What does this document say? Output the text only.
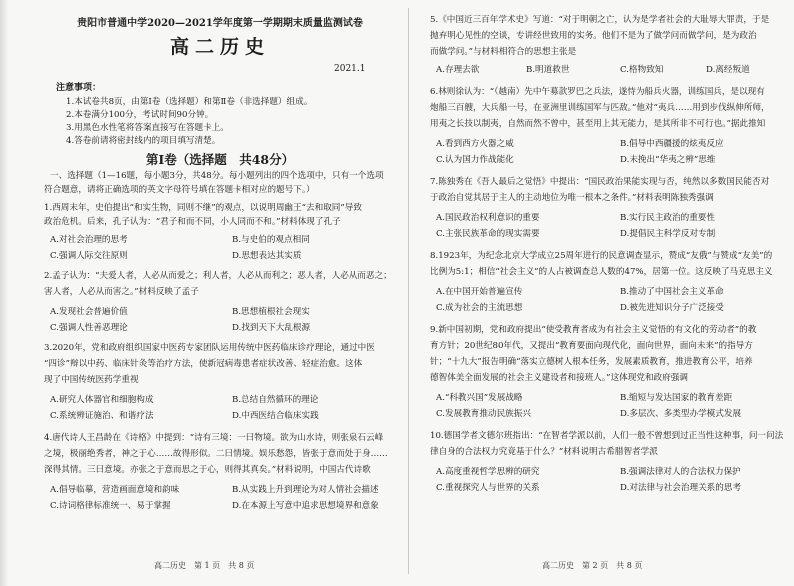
贵阳市普通中学2020—2021学年度第一学期期末质量监测试卷
高二历史
2021.1
注意事项：
1.本试卷共8页，由第Ⅰ卷（选择题）和第Ⅱ卷（非选择题）组成。
2.本卷满分100分，考试时间90分钟。
3.用黑色水性笔将答案直接写在答题卡上。
4.答卷前请将密封线内的项目填写清楚。
第Ⅰ卷（选择题　共48分）
一、选择题（1—16题，每小题3分，共48分。每小题列出的四个选项中，只有一个选项
符合题意，请将正确选项的英文字母符号填在答题卡相对应的题号下。）
1.西周末年，史伯提出“和实生物，同则不继”的观点，以说明周幽王“去和取同”导致
政治危机。后来，孔子认为：“君子和而不同，小人同而不和。”材料体现了孔子
A.对社会治理的思考	B.与史伯的观点相同
C.强调人际交往原则	D.思想表达其实质
2.孟子认为：“夫爱人者，人必从而爱之；利人者，人必从而利之；恶人者，人必从而恶之；
害人者，人必从而害之。”材料反映了孟子
A.发现社会普遍价值	B.思想植根社会现实
C.强调人性善恶理论	D.找到天下大乱根源
3.2020年，党和政府组织国家中医药专家团队运用传统中医药临床诊疗理论，通过中医
“四诊”辩以中药、临床针灸等治疗方法，使新冠病毒患者症状改善、轻症治愈。这体
现了中国传统医药学重视
A.研究人体器官和细胞构成	B.总结自然循环的理论
C.系统辨证施治、和谐疗法	D.中西医结合临床实践
4.唐代诗人王昌龄在《诗格》中提到：“诗有三境：一曰物境。欲为山水诗，则张泉石云峰
之境，极丽绝秀者，神之于心……故得形似。二曰情境。娱乐愁怨，皆张于意而处于身……
深得其情。三曰意境。亦张之于意而思之于心，则得其真矣。”材料说明，中国古代诗歌
A.倡导临摹，营造画面意境和韵味	B.从实践上升到理论为对人情社会描述
C.诗词格律标准统一、易于掌握	D.在本源上写意中追求思想境界和意象
高二历史　第 1 页　共 8 页
5.《中国近三百年学术史》写道：“对于明朝之亡，认为是学者社会的大耻辱大罪责，于是
抛弃明心见性的空谈，专讲经世致用的实务。他们不是为了做学问而做学问，是为政治
而做学问。”与材料相符合的思想主张是
A.存理去欲	B.明道救世	C.格物致知	D.离经叛道
6.林则徐认为：“（越南）先中午募款罗巴之兵法，遂恃为船兵火器，训练国兵，是以现有
炮船三百艘，大兵船一号，在亚洲里训练国军与匹敌。”他对“夷兵……用到步伐纵伸所师，
用夷之长技以制夷，自然而然不曾中，甚至用上其无能力，是其所非不可行也。”据此推知
A.看到西方火器之威	B.倡导中西疆援的炫夷反应
C.认为国力作战能化	D.未挽出“华夷之辨”思维
7.陈独秀在《吾人最后之觉悟》中提出：“国民政治果能实现与否，纯然以多数国民能否对
于政治自觉其居于主人的主动地位为唯一根本之条件。”材料表明陈独秀强调
A.国民政治权利意识的重要	B.实行民主政治的重要性
C.主张民族革命的现实需要	D.提倡民主科学反对专制
8.1923年，为纪念北京大学成立25周年进行的民意调查显示，赞成“友俄”与赞成“友美”的
比例为5:1；相信“社会主义”的人占被调查总人数的47%，居第一位。这反映了马克思主义
A.在中国开始普遍宣传	B.推动了中国社会主义革命
C.成为社会的主流思想	D.被先进知识分子广泛接受
9.新中国初期，党和政府提出“使受教育者成为有社会主义觉悟的有文化的劳动者”的教
育方针；20世纪80年代，又提出“教育要面向现代化，面向世界，面向未来”的指导方
针；“十九大”报告明确“落实立德树人根本任务，发展素质教育，推进教育公平，培养
德智体美全面发展的社会主义建设者和接班人。”这体现党和政府强调
A.“科教兴国”发展战略	B.缩短与发达国家的教育差距
C.发展教育推动民族振兴	D.多层次、多类型办学模式发展
10.德国学者文德尔班指出：“在智者学派以前，人们一般不曾想到过正当性这种事，问一问法
律自身的合法权力究竟基于什么？”材料说明古希腊智者学派
A.高度重视哲学思辨的研究	B.强调法律对人的合法权力保护
C.重视探究人与世界的关系	D.对法律与社会治理关系的思考
高二历史　第 2 页　共 8 页
